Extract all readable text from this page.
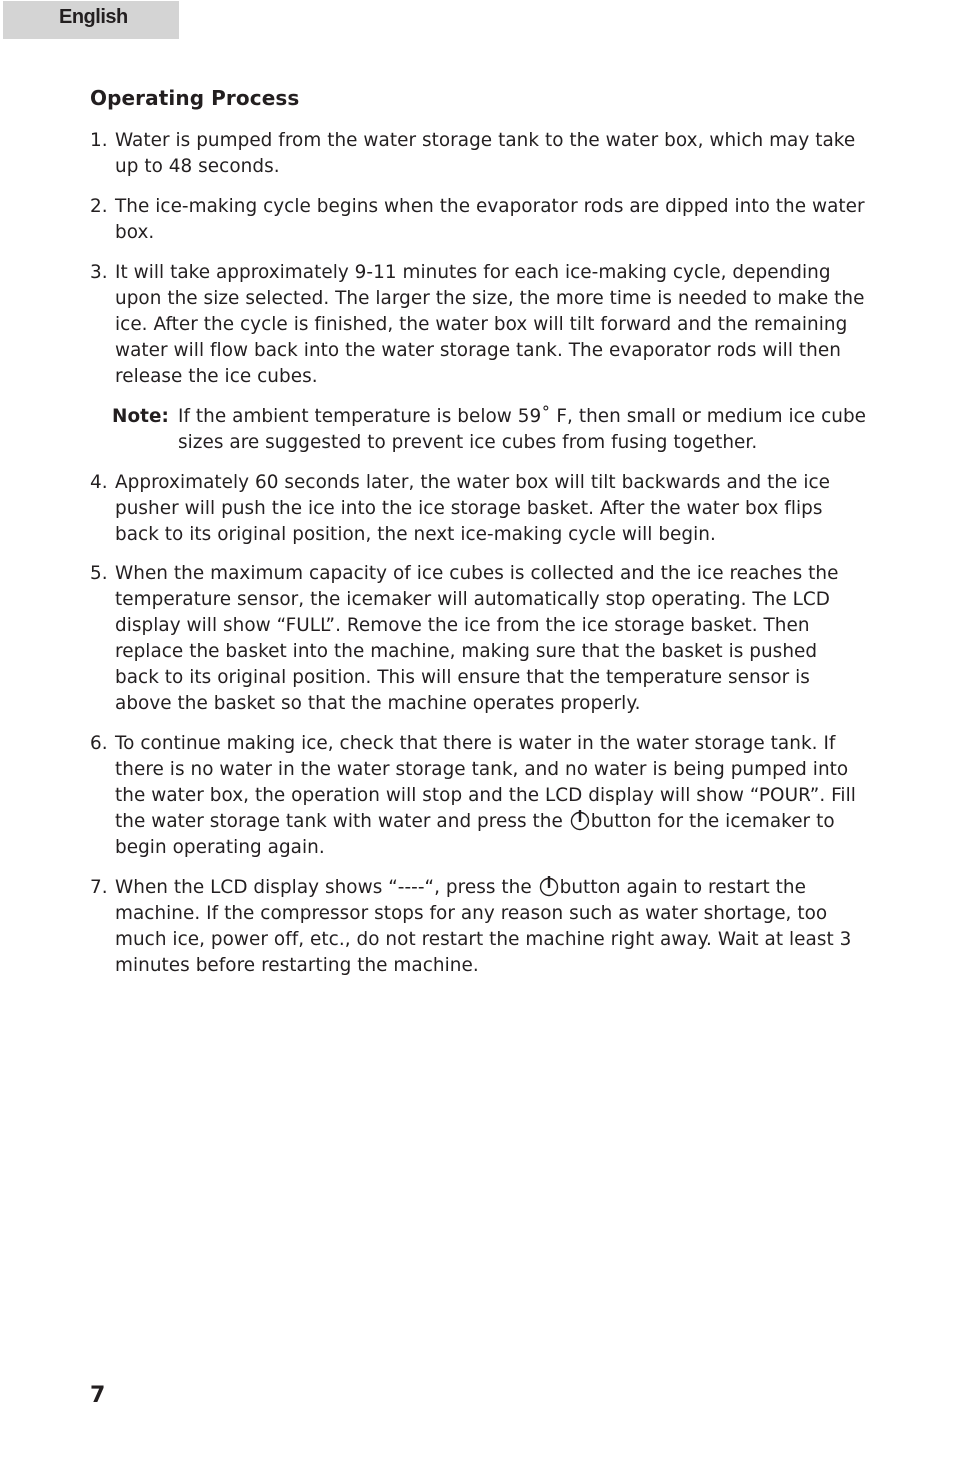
English
Operating Process
1. Water is pumped from the water storage tank to the water box, which may take up to 48 seconds.
2. The ice-making cycle begins when the evaporator rods are dipped into the water box.
3. It will take approximately 9-11 minutes for each ice-making cycle, depending upon the size selected. The larger the size, the more time is needed to make the ice. After the cycle is finished, the water box will tilt forward and the remaining water will flow back into the water storage tank. The evaporator rods will then release the ice cubes.
Note: If the ambient temperature is below 59˚ F, then small or medium ice cube sizes are suggested to prevent ice cubes from fusing together.
4. Approximately 60 seconds later, the water box will tilt backwards and the ice pusher will push the ice into the ice storage basket. After the water box flips back to its original position, the next ice-making cycle will begin.
5. When the maximum capacity of ice cubes is collected and the ice reaches the temperature sensor, the icemaker will automatically stop operating. The LCD display will show “FULL”. Remove the ice from the ice storage basket. Then replace the basket into the machine, making sure that the basket is pushed back to its original position. This will ensure that the temperature sensor is above the basket so that the machine operates properly.
6. To continue making ice, check that there is water in the water storage tank. If there is no water in the water storage tank, and no water is being pumped into the water box, the operation will stop and the LCD display will show “POUR”. Fill the water storage tank with water and press the button for the icemaker to begin operating again.
7. When the LCD display shows “----“, press the button again to restart the machine. If the compressor stops for any reason such as water shortage, too much ice, power off, etc., do not restart the machine right away. Wait at least 3 minutes before restarting the machine.
7
